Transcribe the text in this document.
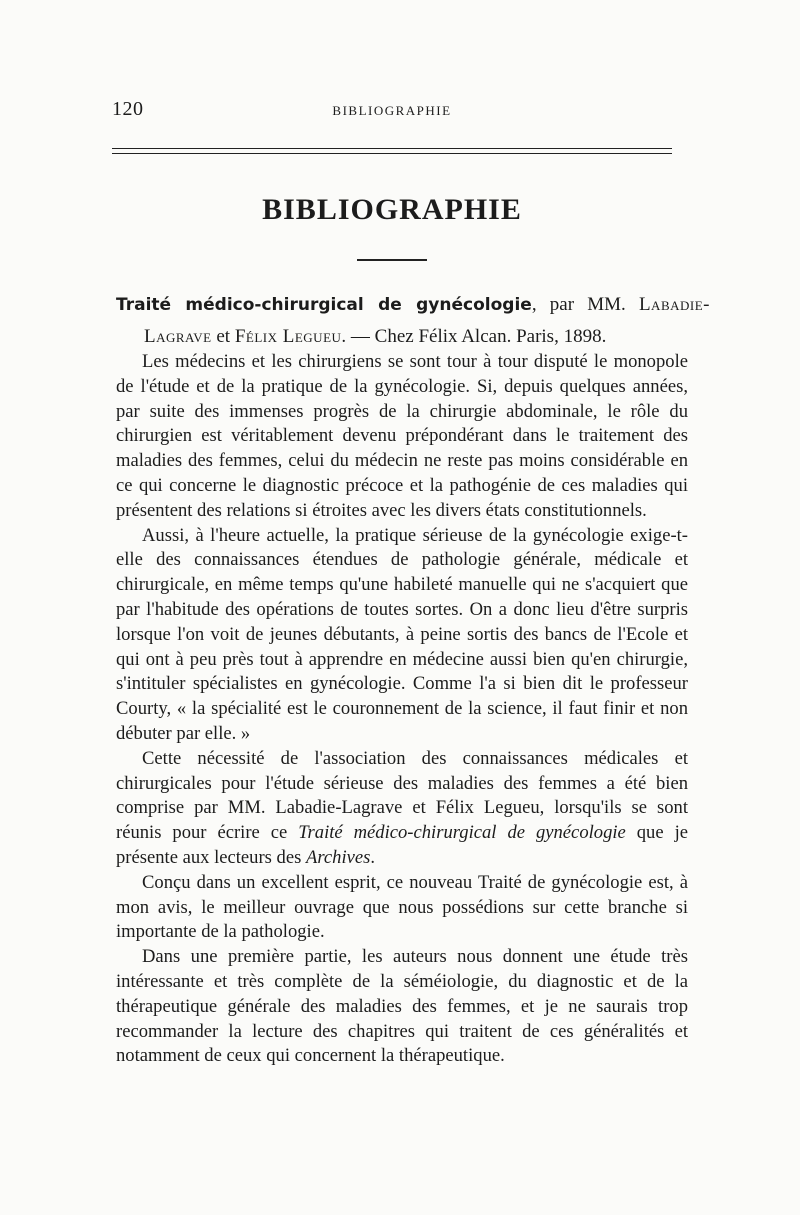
120	BIBLIOGRAPHIE
BIBLIOGRAPHIE

Traité médico-chirurgical de gynécologie, par MM. Labadie-Lagrave et Félix Legueu. — Chez Félix Alcan. Paris, 1898.

Les médecins et les chirurgiens se sont tour à tour disputé le monopole de l'étude et de la pratique de la gynécologie. Si, depuis quelques années, par suite des immenses progrès de la chirurgie abdominale, le rôle du chirurgien est véritablement devenu prépondérant dans le traitement des maladies des femmes, celui du médecin ne reste pas moins considérable en ce qui concerne le diagnostic précoce et la pathogénie de ces maladies qui présentent des relations si étroites avec les divers états constitutionnels.

Aussi, à l'heure actuelle, la pratique sérieuse de la gynécologie exige-t-elle des connaissances étendues de pathologie générale, médicale et chirurgicale, en même temps qu'une habileté manuelle qui ne s'acquiert que par l'habitude des opérations de toutes sortes. On a donc lieu d'être surpris lorsque l'on voit de jeunes débutants, à peine sortis des bancs de l'Ecole et qui ont à peu près tout à apprendre en médecine aussi bien qu'en chirurgie, s'intituler spécialistes en gynécologie. Comme l'a si bien dit le professeur Courty, « la spécialité est le couronnement de la science, il faut finir et non débuter par elle. »

Cette nécessité de l'association des connaissances médicales et chirurgicales pour l'étude sérieuse des maladies des femmes a été bien comprise par MM. Labadie-Lagrave et Félix Legueu, lorsqu'ils se sont réunis pour écrire ce Traité médico-chirurgical de gynécologie que je présente aux lecteurs des Archives.

Conçu dans un excellent esprit, ce nouveau Traité de gynécologie est, à mon avis, le meilleur ouvrage que nous possédions sur cette branche si importante de la pathologie.

Dans une première partie, les auteurs nous donnent une étude très intéressante et très complète de la séméiologie, du diagnostic et de la thérapeutique générale des maladies des femmes, et je ne saurais trop recommander la lecture des chapitres qui traitent de ces généralités et notamment de ceux qui concernent la thérapeutique.
